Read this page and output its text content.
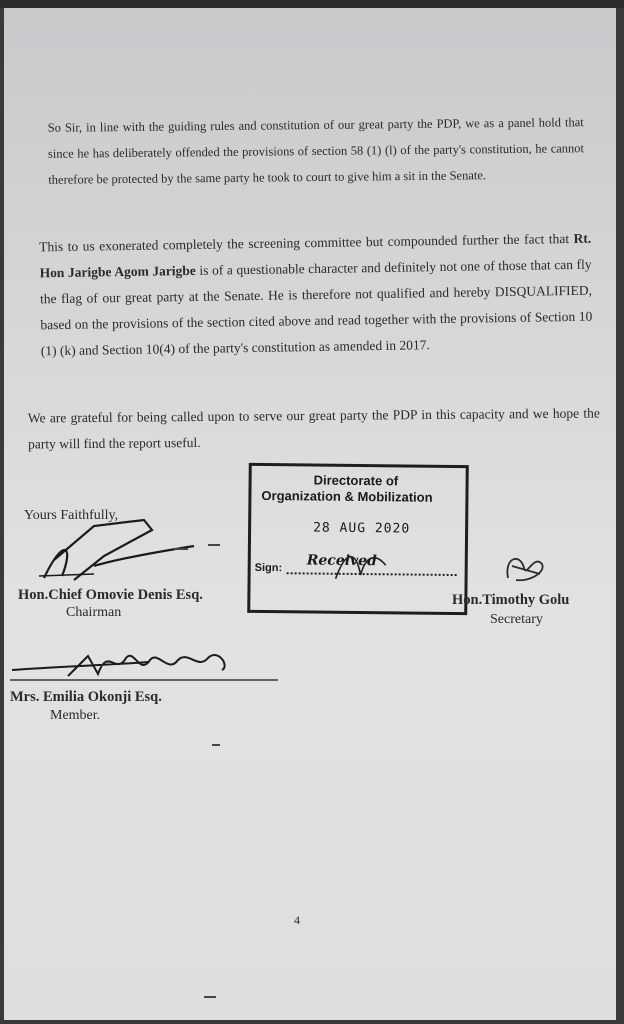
So Sir, in line with the guiding rules and constitution of our great party the PDP, we as a panel hold that since he has deliberately offended the provisions of section 58 (1) (l) of the party's constitution, he cannot therefore be protected by the same party he took to court to give him a sit in the Senate.

This to us exonerated completely the screening committee but compounded further the fact that Rt. Hon Jarigbe Agom Jarigbe is of a questionable character and definitely not one of those that can fly the flag of our great party at the Senate. He is therefore not qualified and hereby DISQUALIFIED, based on the provisions of the section cited above and read together with the provisions of Section 10 (1) (k) and Section 10(4) of the party's constitution as amended in 2017.

We are grateful for being called upon to serve our great party the PDP in this capacity and we hope the party will find the report useful.

Yours Faithfully,
Hon.Chief Omovie Denis Esq.
Chairman
Directorate of
Organization & Mobilization
28 AUG 2020
Received
Sign:
Hon.Timothy Golu
Secretary
Mrs. Emilia Okonji Esq.
Member.
4
